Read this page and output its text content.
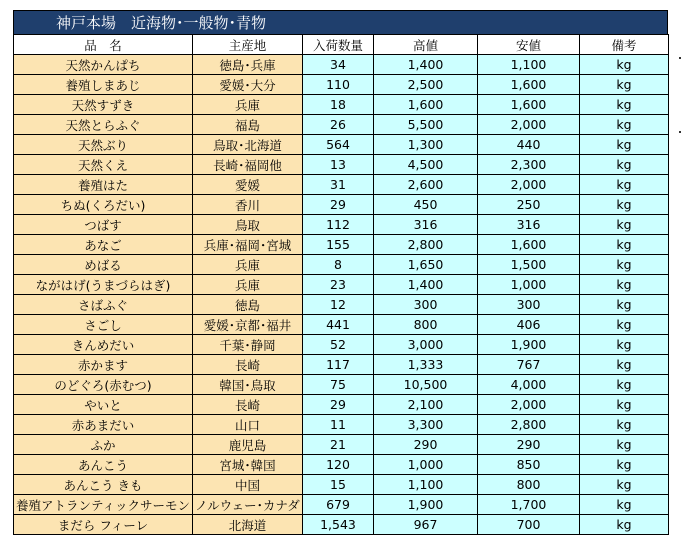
神戸本場　近海物･一般物･青物
品　名	主産地	入荷数量	高値	安値	備考
天然かんぱち	徳島･兵庫	34	1,400	1,100	kg
養殖しまあじ	愛媛･大分	110	2,500	1,600	kg
天然すずき	兵庫	18	1,600	1,600	kg
天然とらふぐ	福島	26	5,500	2,000	kg
天然ぶり	鳥取･北海道	564	1,300	440	kg
天然くえ	長崎･福岡他	13	4,500	2,300	kg
養殖はた	愛媛	31	2,600	2,000	kg
ちぬ(くろだい)	香川	29	450	250	kg
つばす	鳥取	112	316	316	kg
あなご	兵庫･福岡･宮城	155	2,800	1,600	kg
めばる	兵庫	8	1,650	1,500	kg
ながはげ(うまづらはぎ)	兵庫	23	1,400	1,000	kg
さばふぐ	徳島	12	300	300	kg
さごし	愛媛･京都･福井	441	800	406	kg
きんめだい	千葉･静岡	52	3,000	1,900	kg
赤かます	長崎	117	1,333	767	kg
のどぐろ(赤むつ)	韓国･鳥取	75	10,500	4,000	kg
やいと	長崎	29	2,100	2,000	kg
赤あまだい	山口	11	3,300	2,800	kg
ふか	鹿児島	21	290	290	kg
あんこう	宮城･韓国	120	1,000	850	kg
あんこう きも	中国	15	1,100	800	kg
養殖アトランティックサーモン	ノルウェー･カナダ	679	1,900	1,700	kg
まだら フィーレ	北海道	1,543	967	700	kg
